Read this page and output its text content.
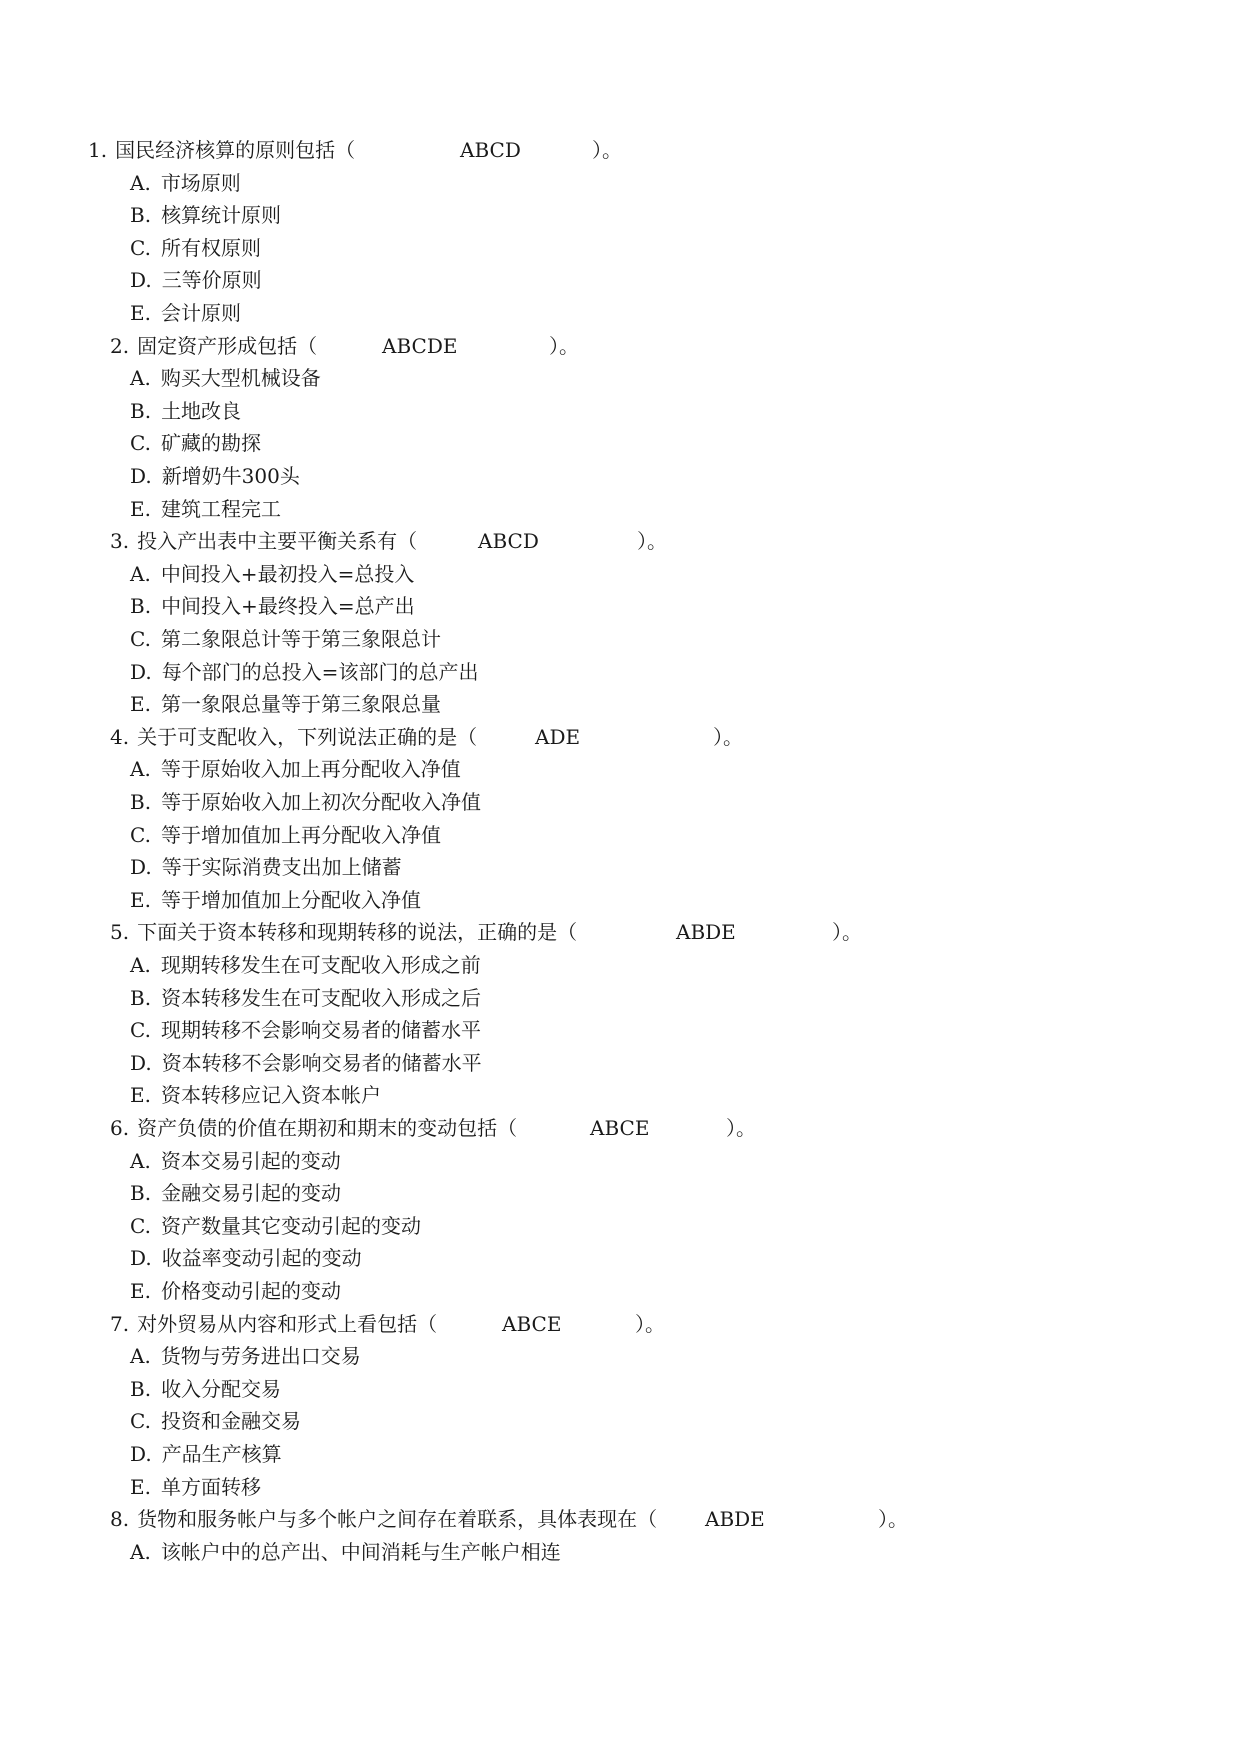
1. 国民经济核算的原则包括（	ABCD	）。
A. 市场原则
B. 核算统计原则
C. 所有权原则
D. 三等价原则
E. 会计原则
2. 固定资产形成包括（	ABCDE	）。
A. 购买大型机械设备
B. 土地改良
C. 矿藏的勘探
D. 新增奶牛300头
E. 建筑工程完工
3. 投入产出表中主要平衡关系有（	ABCD	）。
A. 中间投入+最初投入=总投入
B. 中间投入+最终投入=总产出
C. 第二象限总计等于第三象限总计
D. 每个部门的总投入=该部门的总产出
E. 第一象限总量等于第三象限总量
4. 关于可支配收入，下列说法正确的是（	ADE	）。
A. 等于原始收入加上再分配收入净值
B. 等于原始收入加上初次分配收入净值
C. 等于增加值加上再分配收入净值
D. 等于实际消费支出加上储蓄
E. 等于增加值加上分配收入净值
5. 下面关于资本转移和现期转移的说法，正确的是（	ABDE	）。
A. 现期转移发生在可支配收入形成之前
B. 资本转移发生在可支配收入形成之后
C. 现期转移不会影响交易者的储蓄水平
D. 资本转移不会影响交易者的储蓄水平
E. 资本转移应记入资本帐户
6. 资产负债的价值在期初和期末的变动包括（	ABCE	）。
A. 资本交易引起的变动
B. 金融交易引起的变动
C. 资产数量其它变动引起的变动
D. 收益率变动引起的变动
E. 价格变动引起的变动
7. 对外贸易从内容和形式上看包括（	ABCE	）。
A. 货物与劳务进出口交易
B. 收入分配交易
C. 投资和金融交易
D. 产品生产核算
E. 单方面转移
8. 货物和服务帐户与多个帐户之间存在着联系，具体表现在（ ABDE	）。
A. 该帐户中的总产出、中间消耗与生产帐户相连
